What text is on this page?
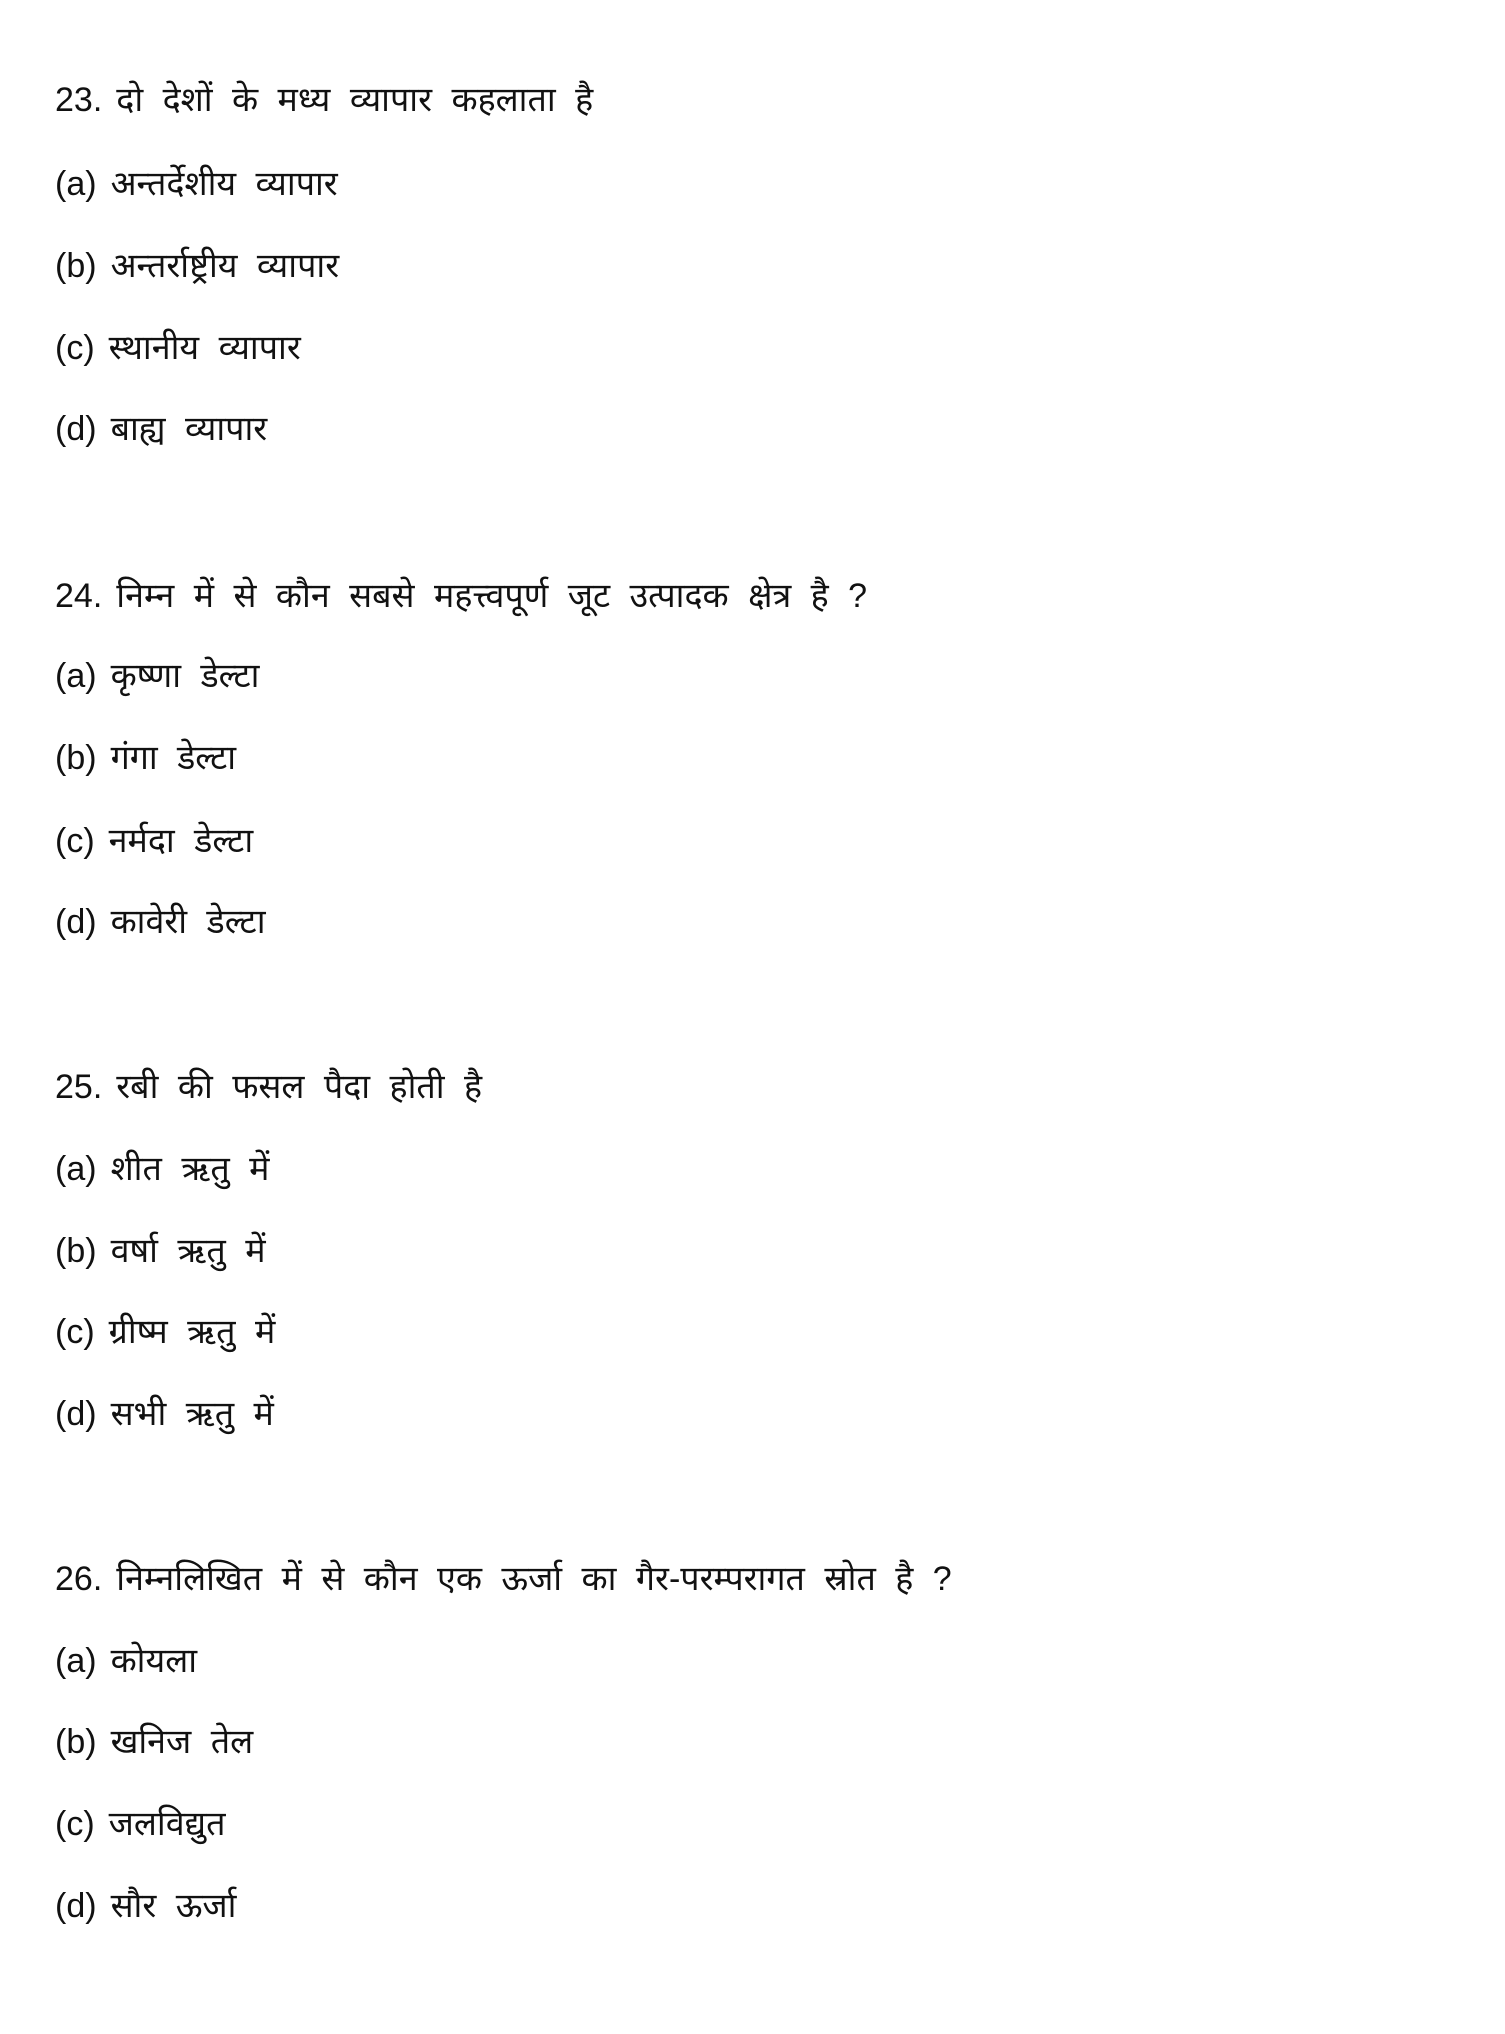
23. दो देशों के मध्य व्यापार कहलाता है
(a) अन्तर्देशीय व्यापार
(b) अन्तर्राष्ट्रीय व्यापार
(c) स्थानीय व्यापार
(d) बाह्य व्यापार
24. निम्न में से कौन सबसे महत्त्वपूर्ण जूट उत्पादक क्षेत्र है ?
(a) कृष्णा डेल्टा
(b) गंगा डेल्टा
(c) नर्मदा डेल्टा
(d) कावेरी डेल्टा
25. रबी की फसल पैदा होती है
(a) शीत ऋतु में
(b) वर्षा ऋतु में
(c) ग्रीष्म ऋतु में
(d) सभी ऋतु में
26. निम्नलिखित में से कौन एक ऊर्जा का गैर-परम्परागत स्रोत है ?
(a) कोयला
(b) खनिज तेल
(c) जलविद्युत
(d) सौर ऊर्जा
